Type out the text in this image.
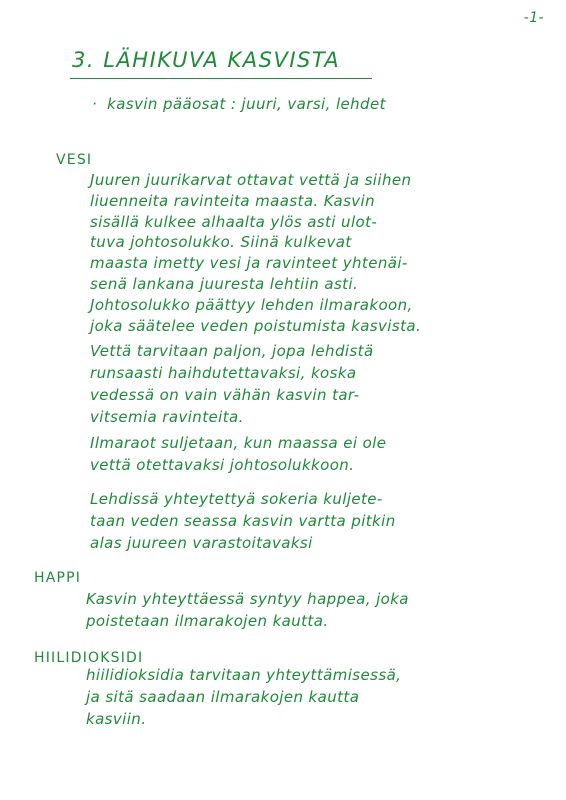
-1-
3. LÄHIKUVA KASVISTA
· kasvin pääosat : juuri, varsi, lehdet
VESI
Juuren juurikarvat ottavat vettä ja siihen
liuenneita ravinteita maasta. Kasvin
sisällä kulkee alhaalta ylös asti ulot-
tuva johtosolukko. Siinä kulkevat
maasta imetty vesi ja ravinteet yhtenäi-
senä lankana juuresta lehtiin asti.
Johtosolukko päättyy lehden ilmarakoon,
joka säätelee veden poistumista kasvista.
Vettä tarvitaan paljon, jopa lehdistä
runsaasti haihdutettavaksi, koska
vedessä on vain vähän kasvin tar-
vitsemia ravinteita.
Ilmaraot suljetaan, kun maassa ei ole
vettä otettavaksi johtosolukkoon.
Lehdissä yhteytettyä sokeria kuljete-
taan veden seassa kasvin vartta pitkin
alas juureen varastoitavaksi
HAPPI
Kasvin yhteyttäessä syntyy happea, joka
poistetaan ilmarakojen kautta.
HIILIDIOKSIDI
hiilidioksidia tarvitaan yhteyttämisessä,
ja sitä saadaan ilmarakojen kautta
kasviin.
